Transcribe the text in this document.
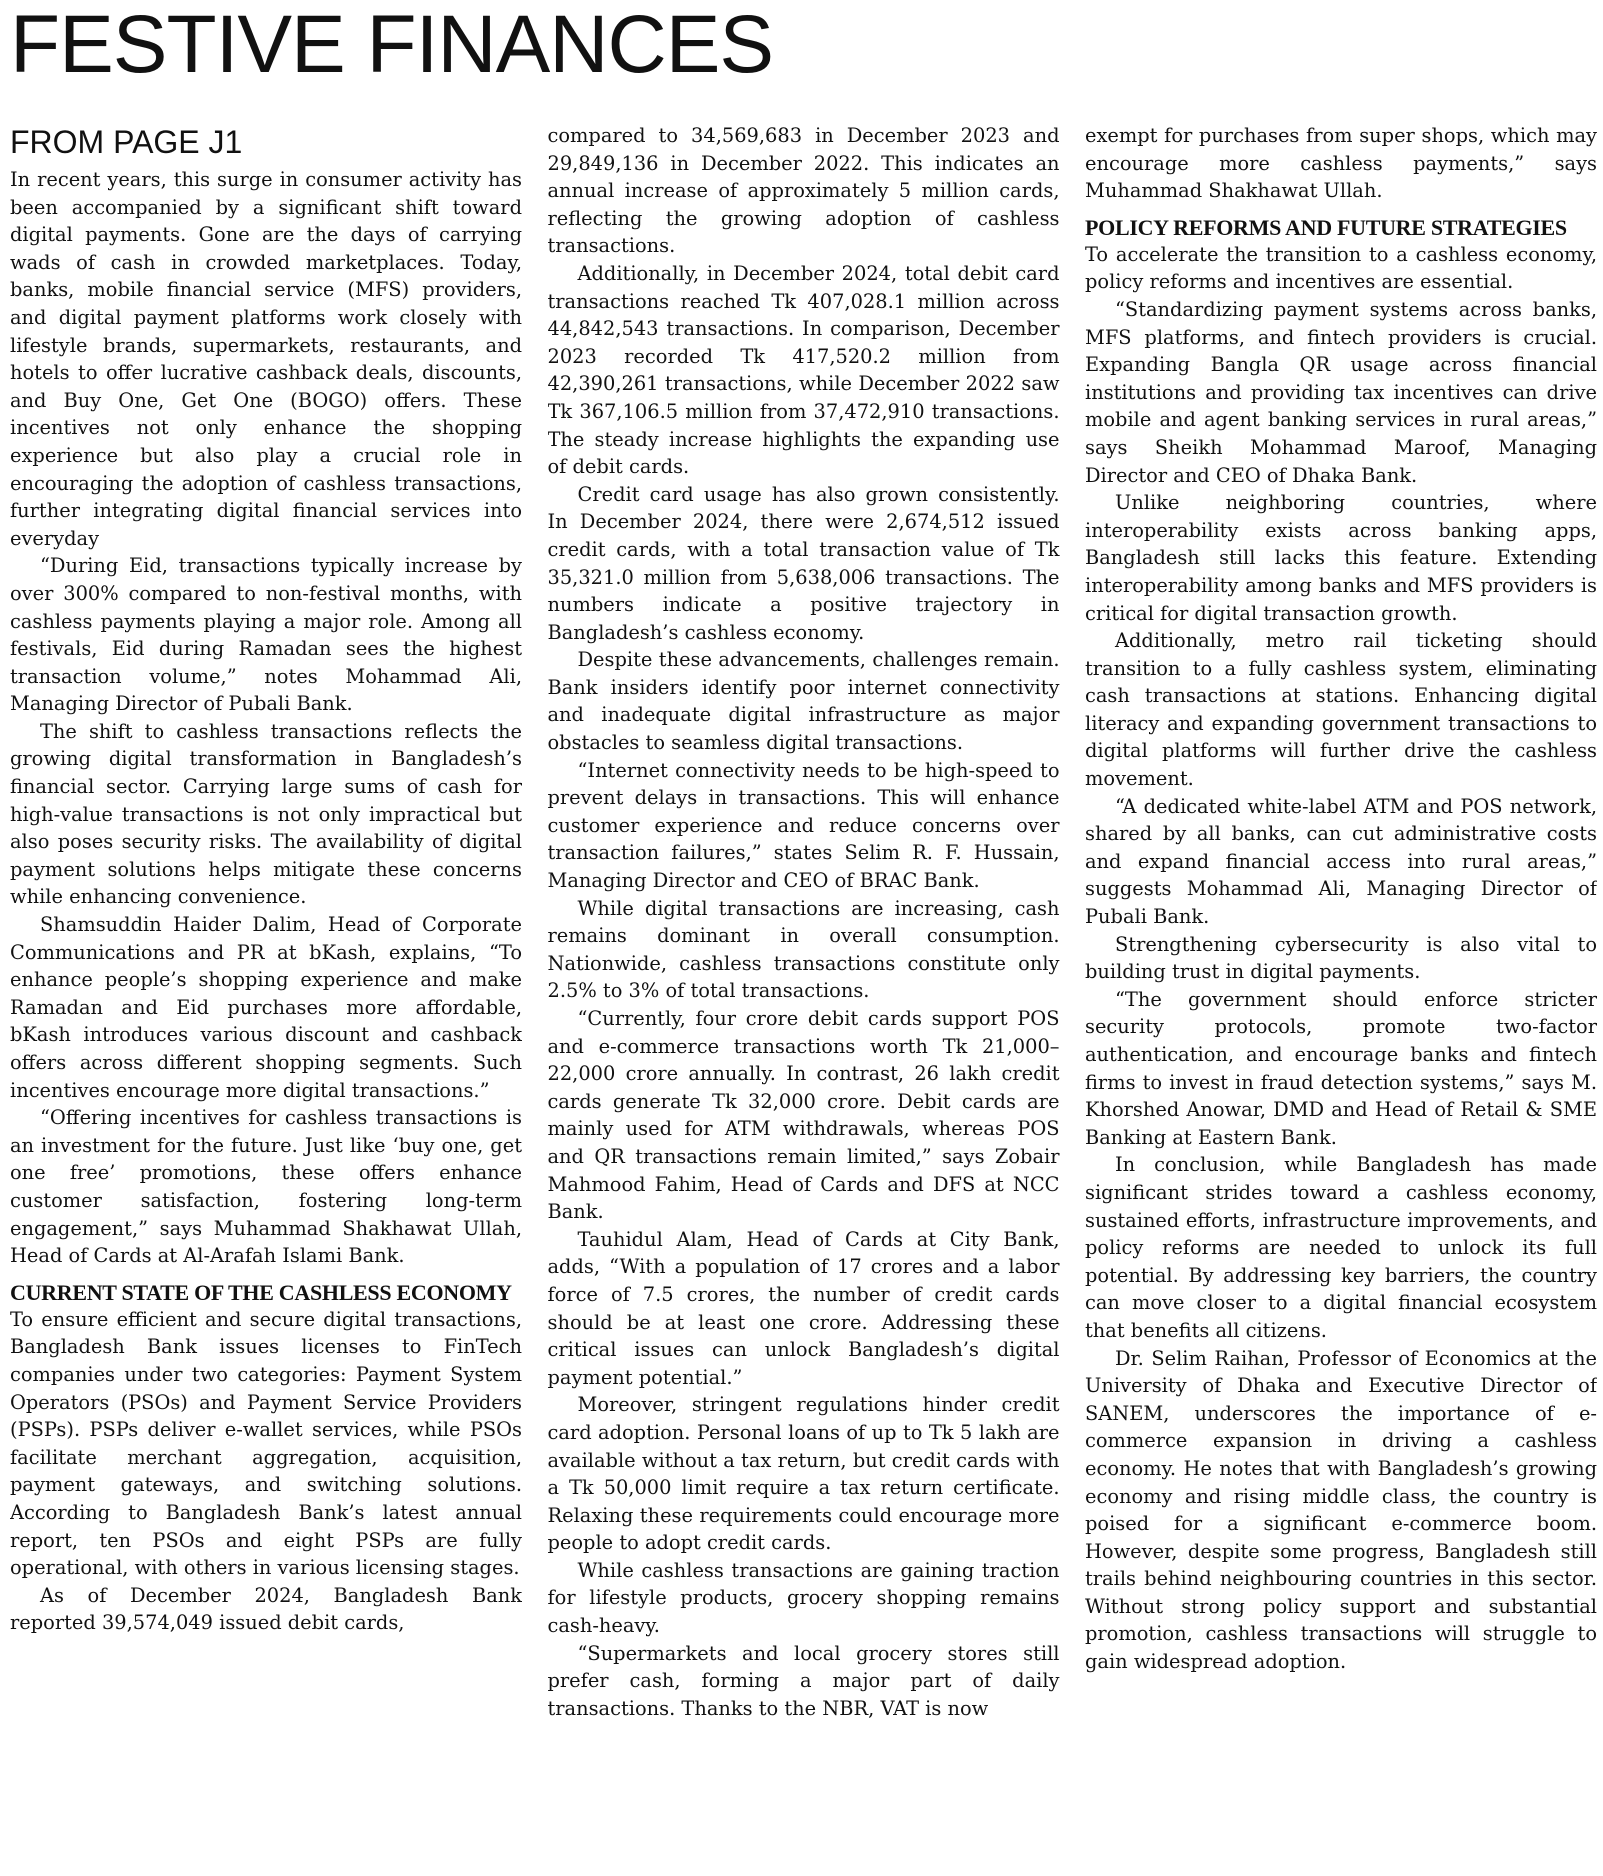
FESTIVE FINANCES
FROM PAGE J1

In recent years, this surge in consumer activity has been accompanied by a significant shift toward digital payments. Gone are the days of carrying wads of cash in crowded marketplaces. Today, banks, mobile financial service (MFS) providers, and digital payment platforms work closely with lifestyle brands, supermarkets, restaurants, and hotels to offer lucrative cashback deals, discounts, and Buy One, Get One (BOGO) offers. These incentives not only enhance the shopping experience but also play a crucial role in encouraging the adoption of cashless transactions, further integrating digital financial services into everyday

“During Eid, transactions typically increase by over 300% compared to non-festival months, with cashless payments playing a major role. Among all festivals, Eid during Ramadan sees the highest transaction volume,” notes Mohammad Ali, Managing Director of Pubali Bank.

The shift to cashless transactions reflects the growing digital transformation in Bangladesh’s financial sector. Carrying large sums of cash for high-value transactions is not only impractical but also poses security risks. The availability of digital payment solutions helps mitigate these concerns while enhancing convenience.

Shamsuddin Haider Dalim, Head of Corporate Communications and PR at bKash, explains, “To enhance people’s shopping experience and make Ramadan and Eid purchases more affordable, bKash introduces various discount and cashback offers across different shopping segments. Such incentives encourage more digital transactions.”

“Offering incentives for cashless transactions is an investment for the future. Just like ‘buy one, get one free’ promotions, these offers enhance customer satisfaction, fostering long-term engagement,” says Muhammad Shakhawat Ullah, Head of Cards at Al-Arafah Islami Bank.

CURRENT STATE OF THE CASHLESS ECONOMY

To ensure efficient and secure digital transactions, Bangladesh Bank issues licenses to FinTech companies under two categories: Payment System Operators (PSOs) and Payment Service Providers (PSPs). PSPs deliver e-wallet services, while PSOs facilitate merchant aggregation, acquisition, payment gateways, and switching solutions. According to Bangladesh Bank’s latest annual report, ten PSOs and eight PSPs are fully operational, with others in various licensing stages.

As of December 2024, Bangladesh Bank reported 39,574,049 issued debit cards,

compared to 34,569,683 in December 2023 and 29,849,136 in December 2022. This indicates an annual increase of approximately 5 million cards, reflecting the growing adoption of cashless transactions.

Additionally, in December 2024, total debit card transactions reached Tk 407,028.1 million across 44,842,543 transactions. In comparison, December 2023 recorded Tk 417,520.2 million from 42,390,261 transactions, while December 2022 saw Tk 367,106.5 million from 37,472,910 transactions. The steady increase highlights the expanding use of debit cards.

Credit card usage has also grown consistently. In December 2024, there were 2,674,512 issued credit cards, with a total transaction value of Tk 35,321.0 million from 5,638,006 transactions. The numbers indicate a positive trajectory in Bangladesh’s cashless economy.

Despite these advancements, challenges remain. Bank insiders identify poor internet connectivity and inadequate digital infrastructure as major obstacles to seamless digital transactions.

“Internet connectivity needs to be high-speed to prevent delays in transactions. This will enhance customer experience and reduce concerns over transaction failures,” states Selim R. F. Hussain, Managing Director and CEO of BRAC Bank.

While digital transactions are increasing, cash remains dominant in overall consumption. Nationwide, cashless transactions constitute only 2.5% to 3% of total transactions.

“Currently, four crore debit cards support POS and e-commerce transactions worth Tk 21,000–22,000 crore annually. In contrast, 26 lakh credit cards generate Tk 32,000 crore. Debit cards are mainly used for ATM withdrawals, whereas POS and QR transactions remain limited,” says Zobair Mahmood Fahim, Head of Cards and DFS at NCC Bank.

Tauhidul Alam, Head of Cards at City Bank, adds, “With a population of 17 crores and a labor force of 7.5 crores, the number of credit cards should be at least one crore. Addressing these critical issues can unlock Bangladesh’s digital payment potential.”

Moreover, stringent regulations hinder credit card adoption. Personal loans of up to Tk 5 lakh are available without a tax return, but credit cards with a Tk 50,000 limit require a tax return certificate. Relaxing these requirements could encourage more people to adopt credit cards.

While cashless transactions are gaining traction for lifestyle products, grocery shopping remains cash-heavy.

“Supermarkets and local grocery stores still prefer cash, forming a major part of daily transactions. Thanks to the NBR, VAT is now

exempt for purchases from super shops, which may encourage more cashless payments,” says Muhammad Shakhawat Ullah.

POLICY REFORMS AND FUTURE STRATEGIES

To accelerate the transition to a cashless economy, policy reforms and incentives are essential.

“Standardizing payment systems across banks, MFS platforms, and fintech providers is crucial. Expanding Bangla QR usage across financial institutions and providing tax incentives can drive mobile and agent banking services in rural areas,” says Sheikh Mohammad Maroof, Managing Director and CEO of Dhaka Bank.

Unlike neighboring countries, where interoperability exists across banking apps, Bangladesh still lacks this feature. Extending interoperability among banks and MFS providers is critical for digital transaction growth.

Additionally, metro rail ticketing should transition to a fully cashless system, eliminating cash transactions at stations. Enhancing digital literacy and expanding government transactions to digital platforms will further drive the cashless movement.

“A dedicated white-label ATM and POS network, shared by all banks, can cut administrative costs and expand financial access into rural areas,” suggests Mohammad Ali, Managing Director of Pubali Bank.

Strengthening cybersecurity is also vital to building trust in digital payments.

“The government should enforce stricter security protocols, promote two-factor authentication, and encourage banks and fintech firms to invest in fraud detection systems,” says M. Khorshed Anowar, DMD and Head of Retail & SME Banking at Eastern Bank.

In conclusion, while Bangladesh has made significant strides toward a cashless economy, sustained efforts, infrastructure improvements, and policy reforms are needed to unlock its full potential. By addressing key barriers, the country can move closer to a digital financial ecosystem that benefits all citizens.

Dr. Selim Raihan, Professor of Economics at the University of Dhaka and Executive Director of SANEM, underscores the importance of e-commerce expansion in driving a cashless economy. He notes that with Bangladesh’s growing economy and rising middle class, the country is poised for a significant e-commerce boom. However, despite some progress, Bangladesh still trails behind neighbouring countries in this sector. Without strong policy support and substantial promotion, cashless transactions will struggle to gain widespread adoption.
